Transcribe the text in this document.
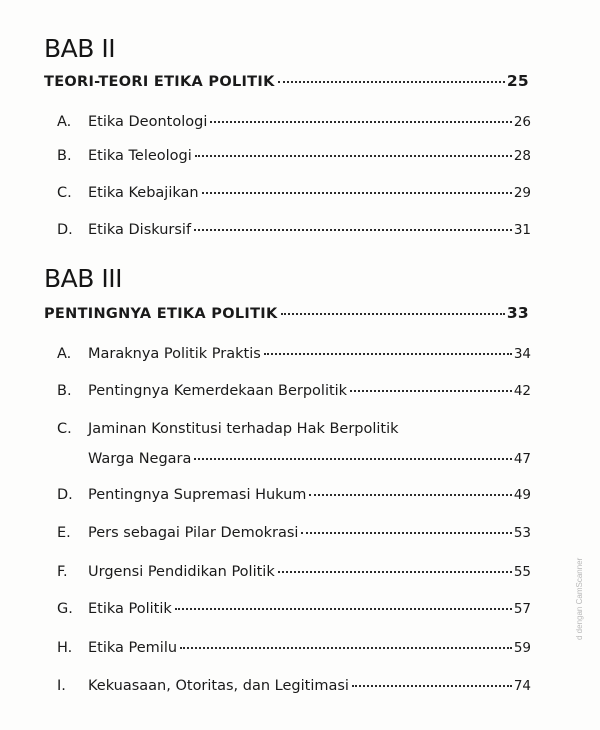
BAB II
TEORI-TEORI ETIKA POLITIK	25
A.	Etika Deontologi	26
B.	Etika Teleologi	28
C.	Etika Kebajikan	29
D.	Etika Diskursif	31
BAB III
PENTINGNYA ETIKA POLITIK	33
A.	Maraknya Politik Praktis	34
B.	Pentingnya Kemerdekaan Berpolitik	42
C. Jaminan Konstitusi terhadap Hak Berpolitik
Warga Negara	47
D.	Pentingnya Supremasi Hukum	49
E.	Pers sebagai Pilar Demokrasi	53
F.	Urgensi Pendidikan Politik	55
G.	Etika Politik	57
H.	Etika Pemilu	59
I.	Kekuasaan, Otoritas, dan Legitimasi	74
d dengan CamScanner
